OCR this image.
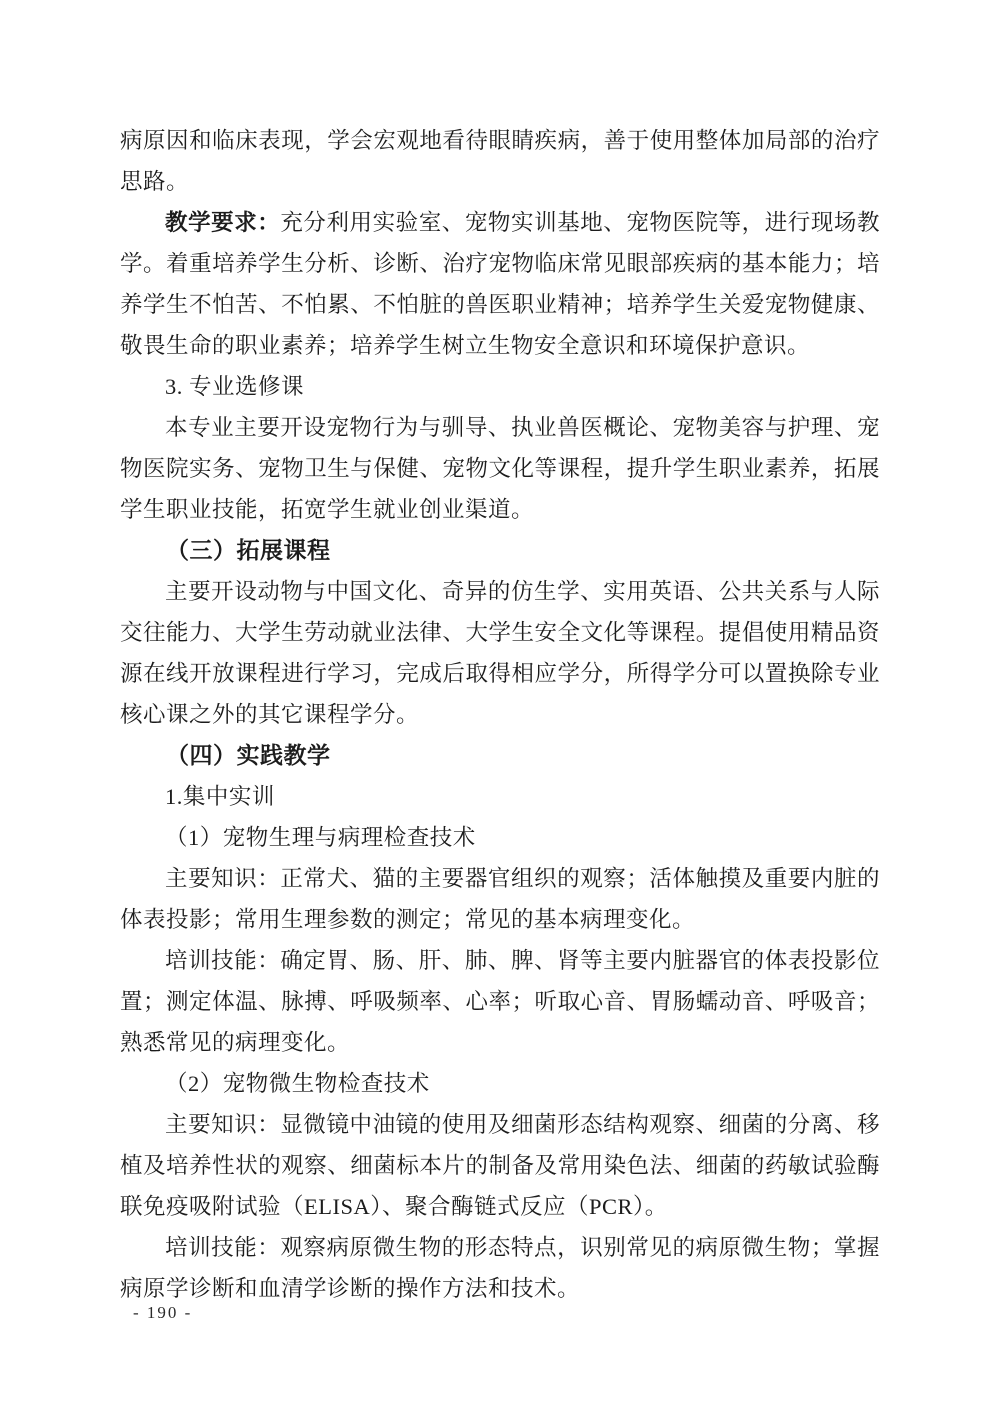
病原因和临床表现，学会宏观地看待眼睛疾病，善于使用整体加局部的治疗思路。

教学要求：充分利用实验室、宠物实训基地、宠物医院等，进行现场教学。着重培养学生分析、诊断、治疗宠物临床常见眼部疾病的基本能力；培养学生不怕苦、不怕累、不怕脏的兽医职业精神；培养学生关爱宠物健康、敬畏生命的职业素养；培养学生树立生物安全意识和环境保护意识。

3. 专业选修课

本专业主要开设宠物行为与驯导、执业兽医概论、宠物美容与护理、宠物医院实务、宠物卫生与保健、宠物文化等课程，提升学生职业素养，拓展学生职业技能，拓宽学生就业创业渠道。

（三）拓展课程

主要开设动物与中国文化、奇异的仿生学、实用英语、公共关系与人际交往能力、大学生劳动就业法律、大学生安全文化等课程。提倡使用精品资源在线开放课程进行学习，完成后取得相应学分，所得学分可以置换除专业核心课之外的其它课程学分。

（四）实践教学

1.集中实训

（1）宠物生理与病理检查技术

主要知识：正常犬、猫的主要器官组织的观察；活体触摸及重要内脏的体表投影；常用生理参数的测定；常见的基本病理变化。

培训技能：确定胃、肠、肝、肺、脾、肾等主要内脏器官的体表投影位置；测定体温、脉搏、呼吸频率、心率；听取心音、胃肠蠕动音、呼吸音；熟悉常见的病理变化。

（2）宠物微生物检查技术

主要知识：显微镜中油镜的使用及细菌形态结构观察、细菌的分离、移植及培养性状的观察、细菌标本片的制备及常用染色法、细菌的药敏试验酶联免疫吸附试验（ELISA）、聚合酶链式反应（PCR）。

培训技能：观察病原微生物的形态特点，识别常见的病原微生物；掌握病原学诊断和血清学诊断的操作方法和技术。

- 190 -
